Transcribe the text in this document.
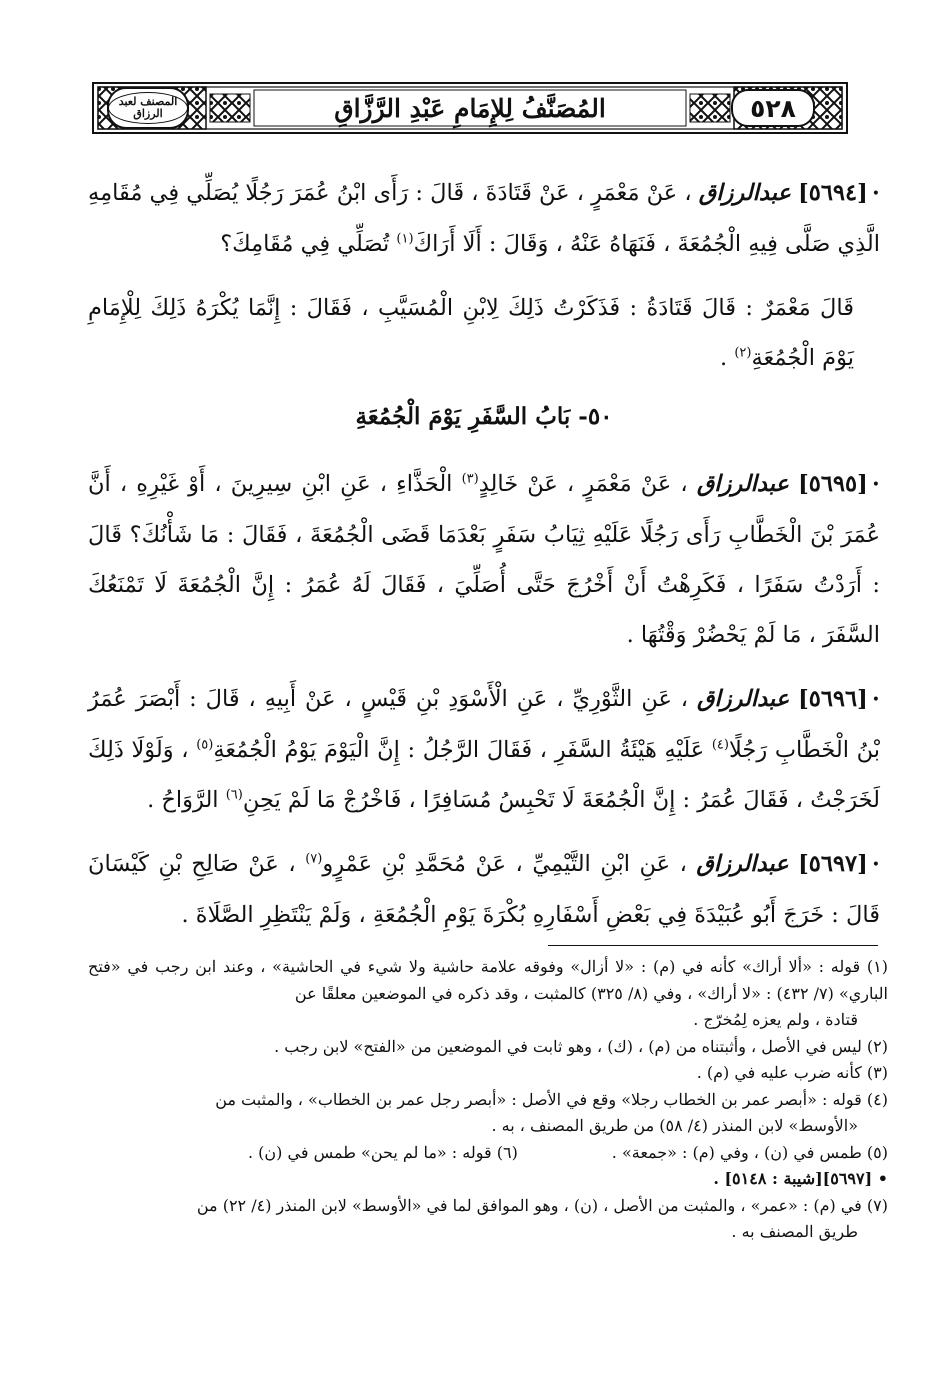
٥٢٨
المُصَنَّفُ لِلإِمَامِ عَبْدِ الرَّزَّاقِ
المصنف لعبد الرزاق

•[٥٦٩٤] عبدالرزاق ، عَنْ مَعْمَرٍ ، عَنْ قَتَادَةَ ، قَالَ : رَأَى ابْنُ عُمَرَ رَجُلًا يُصَلِّي فِي مُقَامِهِ الَّذِي صَلَّى فِيهِ الْجُمُعَةَ ، فَنَهَاهُ عَنْهُ ، وَقَالَ : أَلَا أَرَاكَ$^{(١)}$ تُصَلِّي فِي مُقَامِكَ؟

قَالَ مَعْمَرٌ : قَالَ قَتَادَةُ : فَذَكَرْتُ ذَلِكَ لِابْنِ الْمُسَيَّبِ ، فَقَالَ : إِنَّمَا يُكْرَهُ ذَلِكَ لِلْإِمَامِ يَوْمَ الْجُمُعَةِ$^{(٢)}$ .

٥٠- بَابُ السَّفَرِ يَوْمَ الْجُمُعَةِ

•[٥٦٩٥] عبدالرزاق ، عَنْ مَعْمَرٍ ، عَنْ خَالِدٍ$^{(٣)}$ الْحَذَّاءِ ، عَنِ ابْنِ سِيرِينَ ، أَوْ غَيْرِهِ ، أَنَّ عُمَرَ بْنَ الْخَطَّابِ رَأَى رَجُلًا عَلَيْهِ ثِيَابُ سَفَرٍ بَعْدَمَا قَضَى الْجُمُعَةَ ، فَقَالَ : مَا شَأْنُكَ؟ قَالَ : أَرَدْتُ سَفَرًا ، فَكَرِهْتُ أَنْ أَخْرُجَ حَتَّى أُصَلِّيَ ، فَقَالَ لَهُ عُمَرُ : إِنَّ الْجُمُعَةَ لَا تَمْنَعُكَ السَّفَرَ ، مَا لَمْ يَحْضُرْ وَقْتُهَا .

•[٥٦٩٦] عبدالرزاق ، عَنِ الثَّوْرِيِّ ، عَنِ الْأَسْوَدِ بْنِ قَيْسٍ ، عَنْ أَبِيهِ ، قَالَ : أَبْصَرَ عُمَرُ بْنُ الْخَطَّابِ رَجُلًا$^{(٤)}$ عَلَيْهِ هَيْئَةُ السَّفَرِ ، فَقَالَ الرَّجُلُ : إِنَّ الْيَوْمَ يَوْمُ الْجُمُعَةِ$^{(٥)}$ ، وَلَوْلَا ذَلِكَ لَخَرَجْتُ ، فَقَالَ عُمَرُ : إِنَّ الْجُمُعَةَ لَا تَحْبِسُ مُسَافِرًا ، فَاخْرُجْ مَا لَمْ يَحِنِ$^{(٦)}$ الرَّوَاحُ .

•[٥٦٩٧] عبدالرزاق ، عَنِ ابْنِ التَّيْمِيِّ ، عَنْ مُحَمَّدِ بْنِ عَمْرٍو$^{(٧)}$ ، عَنْ صَالِحِ بْنِ كَيْسَانَ قَالَ : خَرَجَ أَبُو عُبَيْدَةَ فِي بَعْضِ أَسْفَارِهِ بُكْرَةَ يَوْمِ الْجُمُعَةِ ، وَلَمْ يَنْتَظِرِ الصَّلَاةَ .

(١) قوله : «ألا أراك» كأنه في (م) : «لا أزال» وفوقه علامة حاشية ولا شيء في الحاشية» ، وعند ابن رجب في «فتح الباري» (٧/ ٤٣٢) : «لا أراك» ، وفي (٨/ ٣٢٥) كالمثبت ، وقد ذكره في الموضعين معلقًا عن
قتادة ، ولم يعزه لِمُخرّج .

(٢) ليس في الأصل ، وأثبتناه من (م) ، (ك) ، وهو ثابت في الموضعين من «الفتح» لابن رجب .

(٣) كأنه ضرب عليه في (م) .

(٤) قوله : «أبصر عمر بن الخطاب رجلا» وقع في الأصل : «أبصر رجل عمر بن الخطاب» ، والمثبت من
«الأوسط» لابن المنذر (٤/ ٥٨) من طريق المصنف ، به .

(٥) طمس في (ن) ، وفي (م) : «جمعة» .

(٦) قوله : «ما لم يحن» طمس في (ن) .

• [٥٦٩٧][شيبة : ٥١٤٨] .

(٧) في (م) : «عمر» ، والمثبت من الأصل ، (ن) ، وهو الموافق لما في «الأوسط» لابن المنذر (٤/ ٢٢) من
طريق المصنف به .
